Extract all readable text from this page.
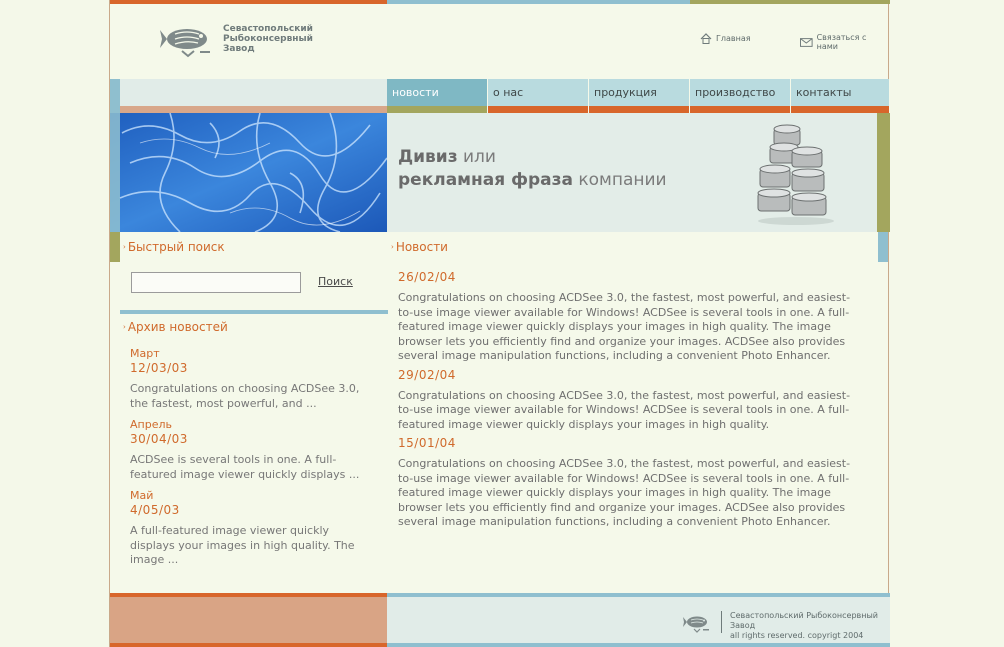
Севастопольский
Рыбоконсервный
Завод
Главная	Связаться с нами
новости	о нас	продукция	производство	контакты
Дивиз или
рекламная фраза компании
› Быстрый поиск
Поиск
› Архив новостей
Март
12/03/03
Congratulations on choosing ACDSee 3.0, the fastest, most powerful, and ...
Апрель
30/04/03
ACDSee is several tools in one. A full-featured image viewer quickly displays ...
Май
4/05/03
A full-featured image viewer quickly displays your images in high quality. The image ...
› Новости
26/02/04
Congratulations on choosing ACDSee 3.0, the fastest, most powerful, and easiest-to-use image viewer available for Windows! ACDSee is several tools in one. A full-featured image viewer quickly displays your images in high quality. The image browser lets you efficiently find and organize your images. ACDSee also provides several image manipulation functions, including a convenient Photo Enhancer.
29/02/04
Congratulations on choosing ACDSee 3.0, the fastest, most powerful, and easiest-to-use image viewer available for Windows! ACDSee is several tools in one. A full-featured image viewer quickly displays your images in high quality.
15/01/04
Congratulations on choosing ACDSee 3.0, the fastest, most powerful, and easiest-to-use image viewer available for Windows! ACDSee is several tools in one. A full-featured image viewer quickly displays your images in high quality. The image browser lets you efficiently find and organize your images. ACDSee also provides several image manipulation functions, including a convenient Photo Enhancer.
Севастопольский Рыбоконсервный Завод
all rights reserved. copyrigt 2004
